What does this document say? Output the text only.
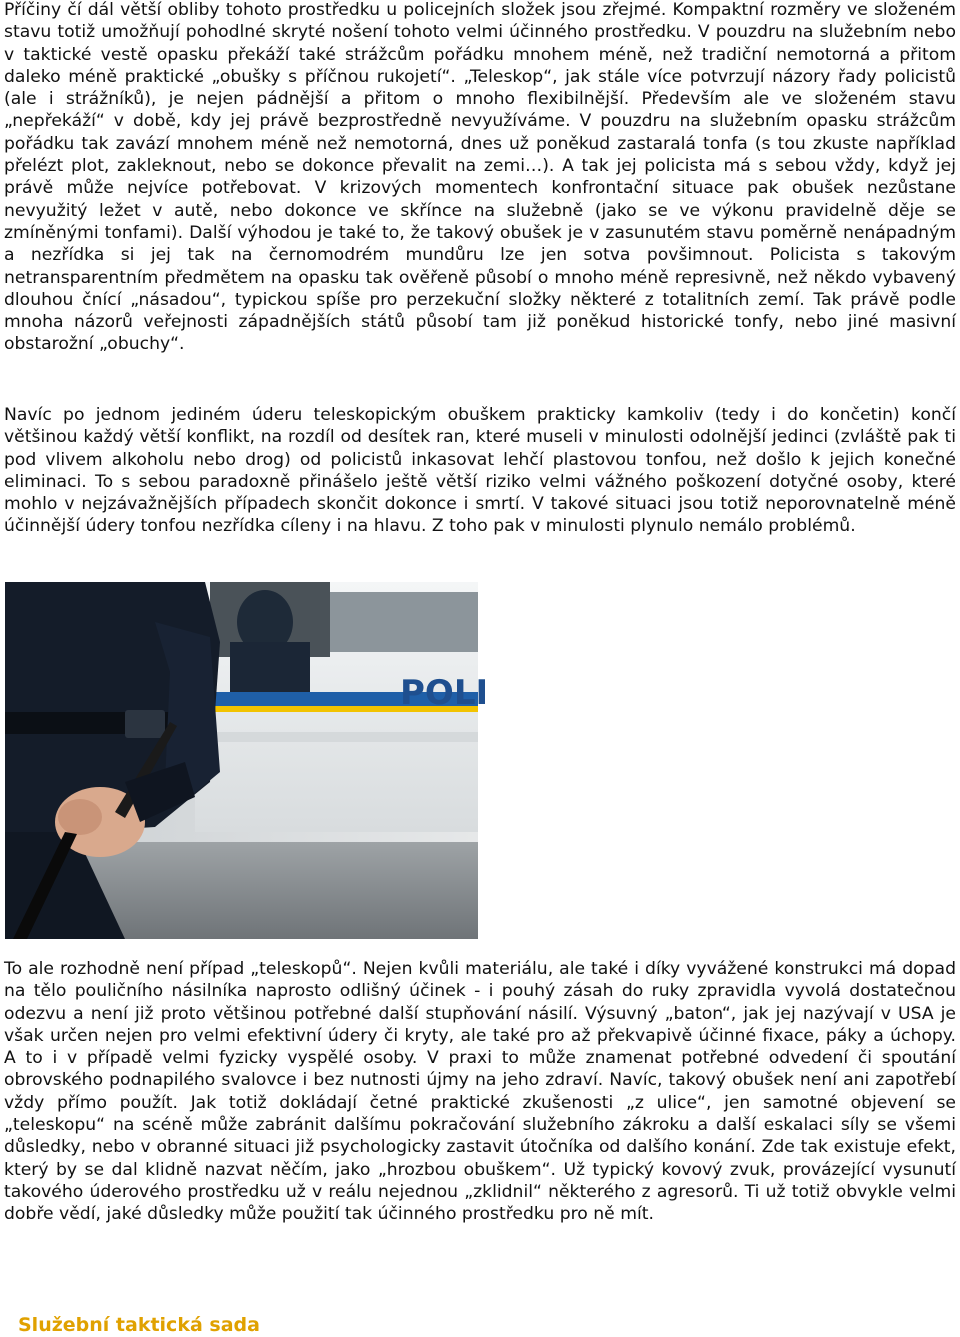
Příčiny čí dál větší obliby tohoto prostředku u policejních složek jsou zřejmé. Kompaktní rozměry ve složeném stavu totiž umožňují pohodlné skryté nošení tohoto velmi účinného prostředku. V pouzdru na služebním nebo v taktické vestě opasku překáží také strážcům pořádku mnohem méně, než tradiční nemotorná a přitom daleko méně praktické „obušky s příčnou rukojetí“. „Teleskop“, jak stále více potvrzují názory řady policistů (ale i strážníků), je nejen pádnější a přitom o mnoho flexibilnější. Především ale ve složeném stavu „nepřekáží“ v době, kdy jej právě bezprostředně nevyužíváme. V pouzdru na služebním opasku strážcům pořádku tak zavází mnohem méně než nemotorná, dnes už poněkud zastaralá tonfa (s tou zkuste například přelézt plot, zakleknout, nebo se dokonce převalit na zemi…). A tak jej policista má s sebou vždy, když jej právě může nejvíce potřebovat. V krizových momentech konfrontační situace pak obušek nezůstane nevyužitý ležet v autě, nebo dokonce ve skřínce na služebně (jako se ve výkonu pravidelně děje se zmíněnými tonfami). Další výhodou je také to, že takový obušek je v zasunutém stavu poměrně nenápadným a nezřídka si jej tak na černomodrém mundůru lze jen sotva povšimnout. Policista s takovým netransparentním předmětem na opasku tak ověřeně působí o mnoho méně represivně, než někdo vybavený dlouhou čnící „násadou“, typickou spíše pro perzekuční složky některé z totalitních zemí. Tak právě podle mnoha názorů veřejnosti západnějších států působí tam již poněkud historické tonfy, nebo jiné masivní obstarožní „obuchy“.

Navíc po jednom jediném úderu teleskopickým obuškem prakticky kamkoliv (tedy i do končetin) končí většinou každý větší konflikt, na rozdíl od desítek ran, které museli v minulosti odolnější jedinci (zvláště pak ti pod vlivem alkoholu nebo drog) od policistů inkasovat lehčí plastovou tonfou, než došlo k jejich konečné eliminaci. To s sebou paradoxně přinášelo ještě větší riziko velmi vážného poškození dotyčné osoby, které mohlo v nejzávažnějších případech skončit dokonce i smrtí. V takové situaci jsou totiž neporovnatelně méně účinnější údery tonfou nezřídka cíleny i na hlavu. Z toho pak v minulosti plynulo nemálo problémů.

POLI

To ale rozhodně není případ „teleskopů“. Nejen kvůli materiálu, ale také i díky vyvážené konstrukci má dopad na tělo pouličního násilníka naprosto odlišný účinek - i pouhý zásah do ruky zpravidla vyvolá dostatečnou odezvu a není již proto většinou potřebné další stupňování násilí. Výsuvný „baton“, jak jej nazývají v USA je však určen nejen pro velmi efektivní údery či kryty, ale také pro až překvapivě účinné fixace, páky a úchopy. A to i v případě velmi fyzicky vyspělé osoby. V praxi to může znamenat potřebné odvedení či spoutání obrovského podnapilého svalovce i bez nutnosti újmy na jeho zdraví. Navíc, takový obušek není ani zapotřebí vždy přímo použít. Jak totiž dokládají četné praktické zkušenosti „z ulice“, jen samotné objevení se „teleskopu“ na scéně může zabránit dalšímu pokračování služebního zákroku a další eskalaci síly se všemi důsledky, nebo v obranné situaci již psychologicky zastavit útočníka od dalšího konání. Zde tak existuje efekt, který by se dal klidně nazvat něčím, jako „hrozbou obuškem“. Už typický kovový zvuk, provázející vysunutí takového úderového prostředku už v reálu nejednou „zklidnil“ některého z agresorů. Ti už totiž obvykle velmi dobře vědí, jaké důsledky může použití tak účinného prostředku pro ně mít.

Služební taktická sada
